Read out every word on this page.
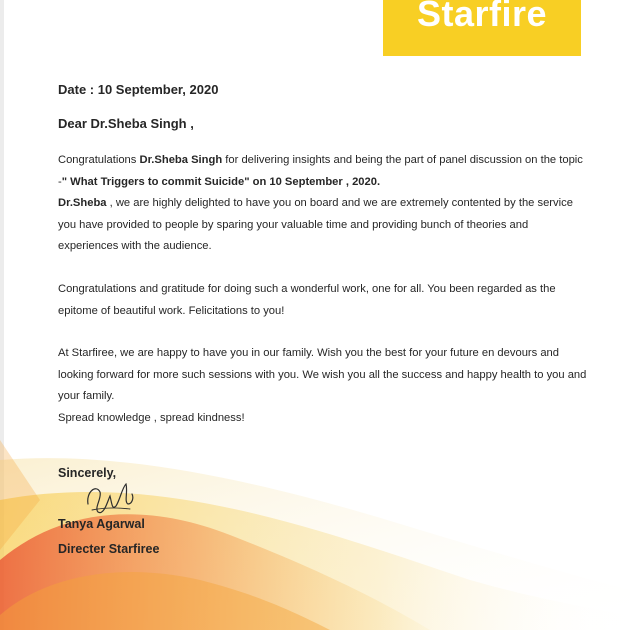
Starfire
Date : 10 September, 2020
Dear Dr.Sheba Singh ,

Congratulations Dr.Sheba Singh for delivering insights and being the part of panel discussion on the topic -" What Triggers to commit Suicide" on 10 September , 2020.
Dr.Sheba , we are highly delighted to have you on board and we are extremely contented by the service you have provided to people by sparing your valuable time and providing bunch of theories and experiences with the audience.

Congratulations and gratitude for doing such a wonderful work, one for all. You been regarded as the epitome of beautiful work. Felicitations to you!

At Starfiree, we are happy to have you in our family. Wish you the best for your future en devours and looking forward for more such sessions with you. We wish you all the success and happy health to you and your family.
Spread knowledge , spread kindness!

Sincerely,
Tanya Agarwal
Directer Starfiree
